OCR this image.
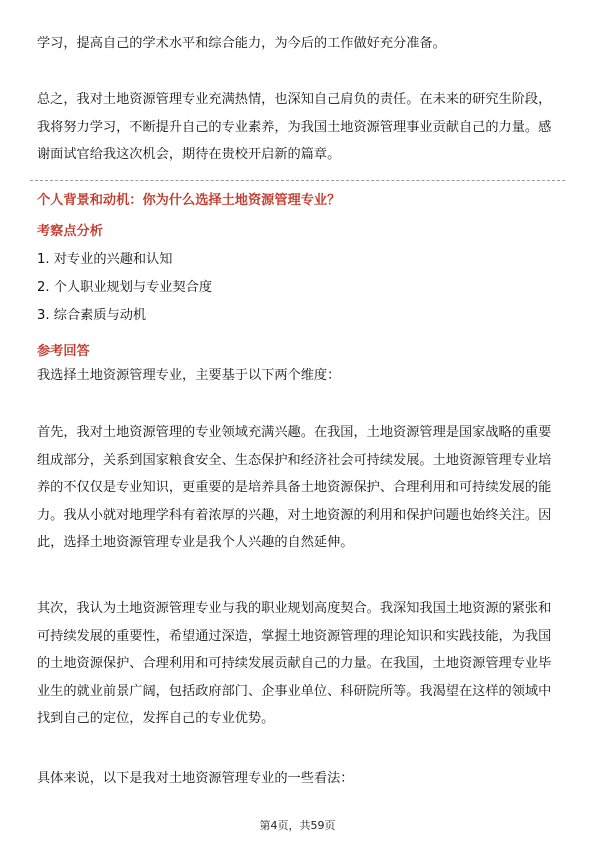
学习，提高自己的学术水平和综合能力，为今后的工作做好充分准备。

总之，我对土地资源管理专业充满热情，也深知自己肩负的责任。在未来的研究生阶段，我将努力学习，不断提升自己的专业素养，为我国土地资源管理事业贡献自己的力量。感谢面试官给我这次机会，期待在贵校开启新的篇章。

个人背景和动机：你为什么选择土地资源管理专业？
考察点分析
1. 对专业的兴趣和认知
2. 个人职业规划与专业契合度
3. 综合素质与动机
参考回答

我选择土地资源管理专业，主要基于以下两个维度：

首先，我对土地资源管理的专业领域充满兴趣。在我国，土地资源管理是国家战略的重要组成部分，关系到国家粮食安全、生态保护和经济社会可持续发展。土地资源管理专业培养的不仅仅是专业知识，更重要的是培养具备土地资源保护、合理利用和可持续发展的能力。我从小就对地理学科有着浓厚的兴趣，对土地资源的利用和保护问题也始终关注。因此，选择土地资源管理专业是我个人兴趣的自然延伸。

其次，我认为土地资源管理专业与我的职业规划高度契合。我深知我国土地资源的紧张和可持续发展的重要性，希望通过深造，掌握土地资源管理的理论知识和实践技能，为我国的土地资源保护、合理利用和可持续发展贡献自己的力量。在我国，土地资源管理专业毕业生的就业前景广阔，包括政府部门、企事业单位、科研院所等。我渴望在这样的领域中找到自己的定位，发挥自己的专业优势。

具体来说，以下是我对土地资源管理专业的一些看法：

第4页，共59页
